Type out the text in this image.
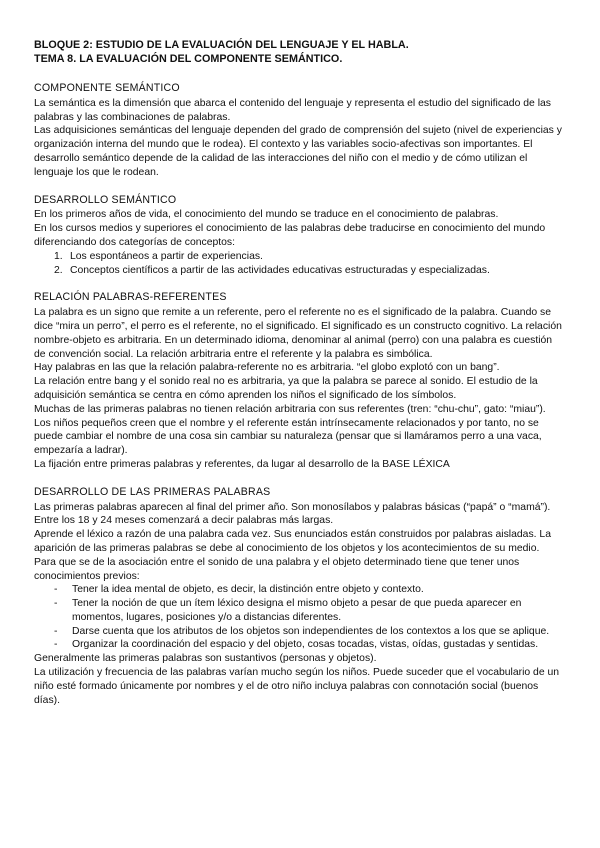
BLOQUE 2: ESTUDIO DE LA EVALUACIÓN DEL LENGUAJE Y EL HABLA.

TEMA 8. LA EVALUACIÓN DEL COMPONENTE SEMÁNTICO.

COMPONENTE SEMÁNTICO

La semántica es la dimensión que abarca el contenido del lenguaje y representa el estudio del significado de las palabras y las combinaciones de palabras.

Las adquisiciones semánticas del lenguaje dependen del grado de comprensión del sujeto (nivel de experiencias y organización interna del mundo que le rodea). El contexto y las variables socio-afectivas son importantes. El desarrollo semántico depende de la calidad de las interacciones del niño con el medio y de cómo utilizan el lenguaje los que le rodean.

DESARROLLO SEMÁNTICO

En los primeros años de vida, el conocimiento del mundo se traduce en el conocimiento de palabras.

En los cursos medios y superiores el conocimiento de las palabras debe traducirse en conocimiento del mundo diferenciando dos categorías de conceptos:

1. Los espontáneos a partir de experiencias.
2. Conceptos científicos a partir de las actividades educativas estructuradas y especializadas.

RELACIÓN PALABRAS-REFERENTES

La palabra es un signo que remite a un referente, pero el referente no es el significado de la palabra. Cuando se dice “mira un perro”, el perro es el referente, no el significado. El significado es un constructo cognitivo. La relación nombre-objeto es arbitraria. En un determinado idioma, denominar al animal (perro) con una palabra es cuestión de convención social. La relación arbitraria entre el referente y la palabra es simbólica.

Hay palabras en las que la relación palabra-referente no es arbitraria. “el globo explotó con un bang”.

La relación entre bang y el sonido real no es arbitraria, ya que la palabra se parece al sonido. El estudio de la adquisición semántica se centra en cómo aprenden los niños el significado de los símbolos.

Muchas de las primeras palabras no tienen relación arbitraria con sus referentes (tren: “chu-chu”, gato: “miau”).

Los niños pequeños creen que el nombre y el referente están intrínsecamente relacionados y por tanto, no se puede cambiar el nombre de una cosa sin cambiar su naturaleza (pensar que si llamáramos perro a una vaca, empezaría a ladrar).

La fijación entre primeras palabras y referentes, da lugar al desarrollo de la BASE LÉXICA

DESARROLLO DE LAS PRIMERAS PALABRAS

Las primeras palabras aparecen al final del primer año. Son monosílabos y palabras básicas (“papá” o “mamá”). Entre los 18 y 24 meses comenzará a decir palabras más largas.

Aprende el léxico a razón de una palabra cada vez. Sus enunciados están construidos por palabras aisladas. La aparición de las primeras palabras se debe al conocimiento de los objetos y los acontecimientos de su medio.

Para que se de la asociación entre el sonido de una palabra y el objeto determinado tiene que tener unos conocimientos previos:

-	Tener la idea mental de objeto, es decir, la distinción entre objeto y contexto.
-	Tener la noción de que un ítem léxico designa el mismo objeto a pesar de que pueda aparecer en momentos, lugares, posiciones y/o a distancias diferentes.
-	Darse cuenta que los atributos de los objetos son independientes de los contextos a los que se aplique.
-	Organizar la coordinación del espacio y del objeto, cosas tocadas, vistas, oídas, gustadas y sentidas.

Generalmente las primeras palabras son sustantivos (personas y objetos).

La utilización y frecuencia de las palabras varían mucho según los niños. Puede suceder que el vocabulario de un niño esté formado únicamente por nombres y el de otro niño incluya palabras con connotación social (buenos días).
